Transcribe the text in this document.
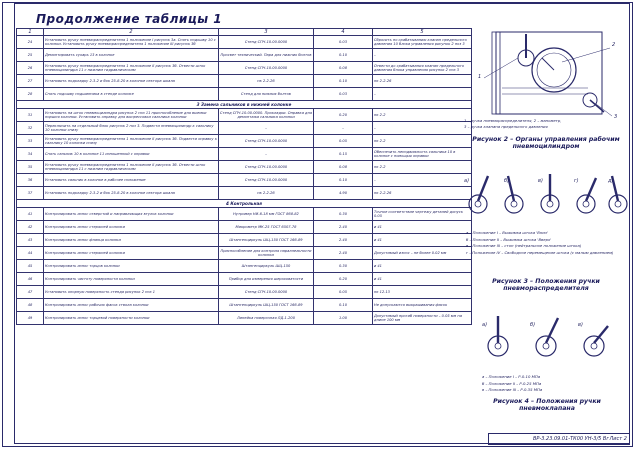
Продолжение таблицы 1
1	2	3	4	5
24	Установить ручку пневмораспределителя 1 положение I рисунок 3а. Снять подошву 10 с колонки. Установить ручку пневмораспределителя 1 положение III рисунок 3б	Стенд СПЧ-10.00.0000	0.03	Сбросить по срабатыванию клапан предельного давления 10 блока управления рисунок 2 поз 3
25	Демонтировать сухарь 13 в колонке	Просвет технический. Пара для нижних болтов	0.10	–
26	Установить ручку пневмораспределителя 1 положение II рисунок 3б. Отвести шток пневмоцилиндра 11 с нижним гидравлическим	Стенд СПЧ-10.00.0000	0.08	Отвести до срабатывания клапан предельного давления блока управления рисунок 2 поз 3
27	Установить подкладку 2-3-2 и бок 25-8-20 в колонке сектора шкала	пк 2-2-26	0.10	пк 2-2-26
28	Снять подошву подшипника в стенде колонке	Стенд для нижних болтов	0.03	–
3 Замена сальников в нижней колонке				
31	Установить на шток пневмоцилиндра рисунок 2 поз 11 приспособление для выемки поршня колонки. Установить оправку для выпрессовки сальника колонки	Стенд СПЧ-10.00.0000. Прокладки. Оправка для демонтажа сальника колонки	0.20	пк 2-2
32	Переключить на отдельный блок рисунок 2 поз 3. Подвести пневмоцилиндр к сальнику 10 колонки снизу	–	–	–
33	Установить ручку пневмораспределителя 1 положение II рисунок 3б. Подвести оправку к сальнику 10 колонки снизу	Стенд СПЧ-10.00.0000	0.05	пк 2-2
34	Снять сальник 10 в колонке 11 изношенный с оправки	–	0.15	Обеспечить неподвижность сальника 10 в колонке с помощью оправки
35	Установить ручку пневмораспределителя 1 положение II рисунок 3б. Отвести шток пневмоцилиндра 11 с нижним гидравлическим	Стенд СПЧ-10.00.0000	0.08	пк 2-2
36	Установить сальник в колонке в рабочее положение	Стенд СПЧ-10.00.0000	0.10	–
37	Установить подкладку 2-3-2 и бок 25-8-20 в колонке сектора шкала	пк 2-2-26	4.90	пк 2-2-26
4 Контрольная				
41	Контролировать износ отверстий и направляющих втулок колонки	Нутромер НИ-6-18 мм ГОСТ 868-82	0.30	Точное соответствие чертежу деталей допуск 0.05
42	Контролировать износ стержней колонки	Микрометр МК-25 ГОСТ 6507-78	2.40	ø 41
43	Контролировать износ фланца колонки	Штангенциркуль ШЦ-150 ГОСТ 166-89	2.40	ø 41
44	Контролировать износ стержней колонки	Приспособление для контроля параллельности колонки	2.40	Допустимый износ – не более 0.02 мм
45	Контролировать износ торцов колонки	Штангенциркуль ШЦ-150	0.30	ø 41
46	Контролировать чистоту поверхности колонки	Прибор для измерения шероховатости	0.20	ø 41
47	Установить опорную поверхность стенда рисунок 2 поз 1	Стенд СПЧ-10.00.0000	0.05	пк 12.13
48	Контролировать износ рабочих фасок ствола колонки	Штангенциркуль ШЦ-150 ГОСТ 166-89	0.10	Не допускаются выкрашивания фасок
49	Контролировать износ торцевой поверхности колонки	Линейка поверочная ЛД-1-200	1.00	Допустимый прогиб поверхности – 0.05 мм на длине 100 мм
1
2
3
1 – ручка пневмораспределителя, 2 – манометр,
3 – ручка клапана предельного давления
Рисунок 2 – Органы управления рабочим пневмоцилиндром
а)	б)	в)	г)	д)
а – Положение I – Выжимка штока 'Вниз'
б – Положение II – Выжимка штока 'Вверх'
в – Положение III – стоп (нейтральное положение штока)
г – Положение IV – Свободное перемещение штока (с малым давлением)
Рисунок 3 – Положения ручки пневмораспределителя
а)	б)	в)
а – Положение I – Р-0.10 МПа
б – Положение II – Р-0.25 МПа
в – Положение III – Р-0.35 МПа
Рисунок 4 – Положения ручки пневмоклапана
ВР-3.23.09.01-ТК00 УН-3/5 Вг Лист 2
